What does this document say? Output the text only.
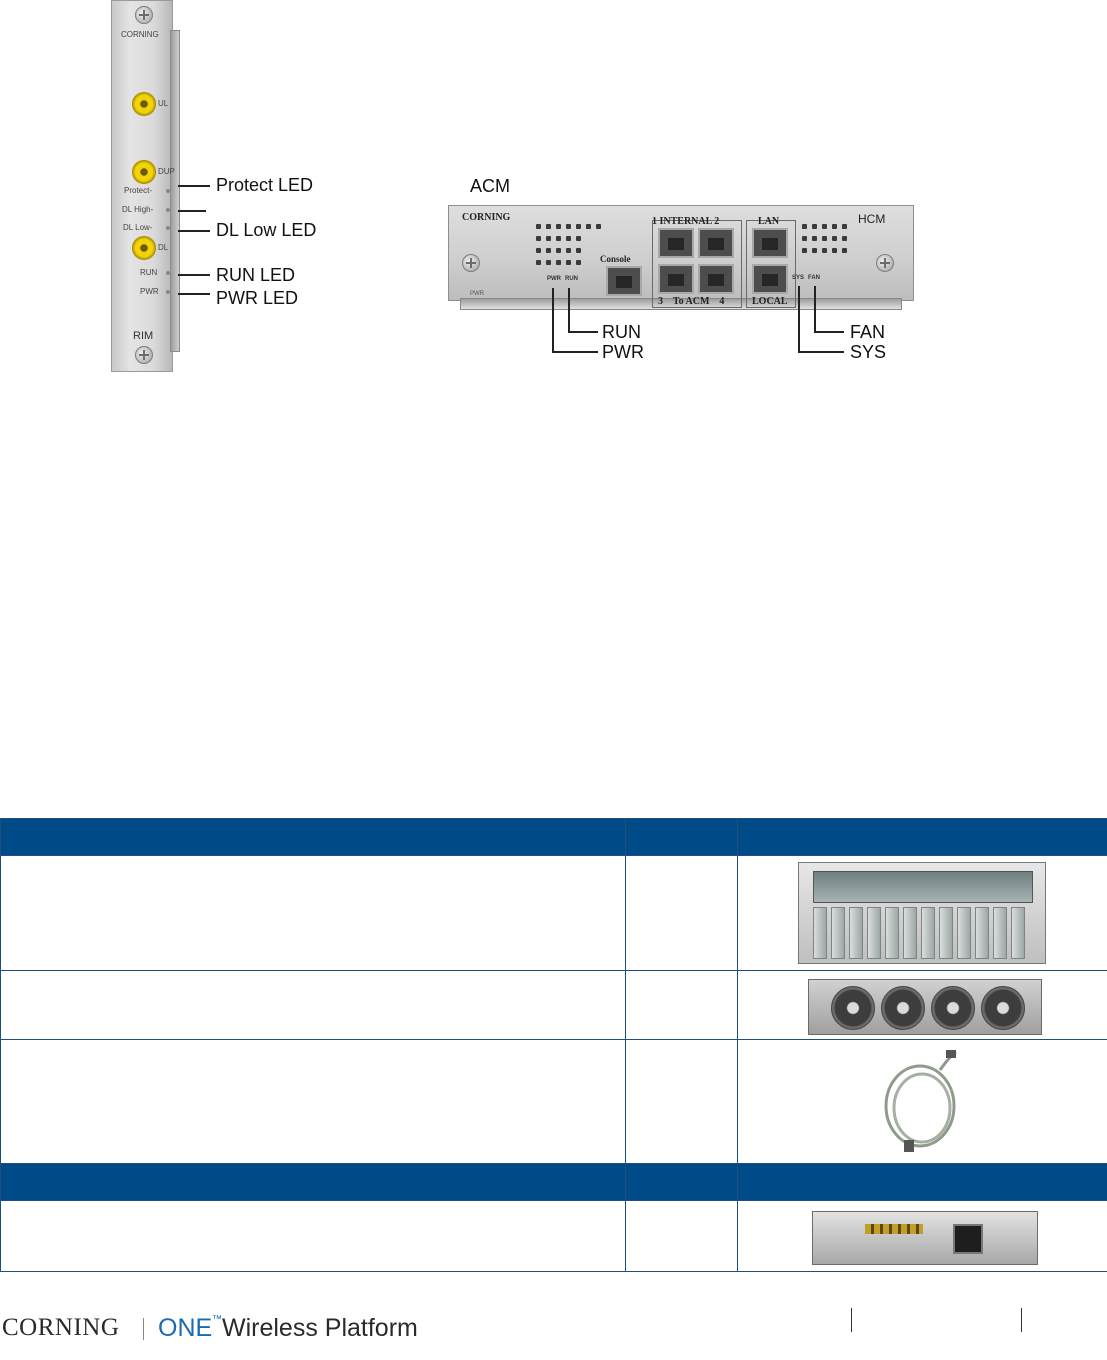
CORNING
UL
DUP
Protect-
DL High-
DL Low-
DL
RUN
PWR
RIM
Protect LED
DL Low LED
RUN LED
PWR LED
ACM
CORNING	HCM
PWR RUN
PWR
Console
1 INTERNAL 2
3    To ACM    4
LAN
LOCAL
SYS FAN
RUN
PWR
FAN
SYS

CORNING ONE ™ Wireless Platform
